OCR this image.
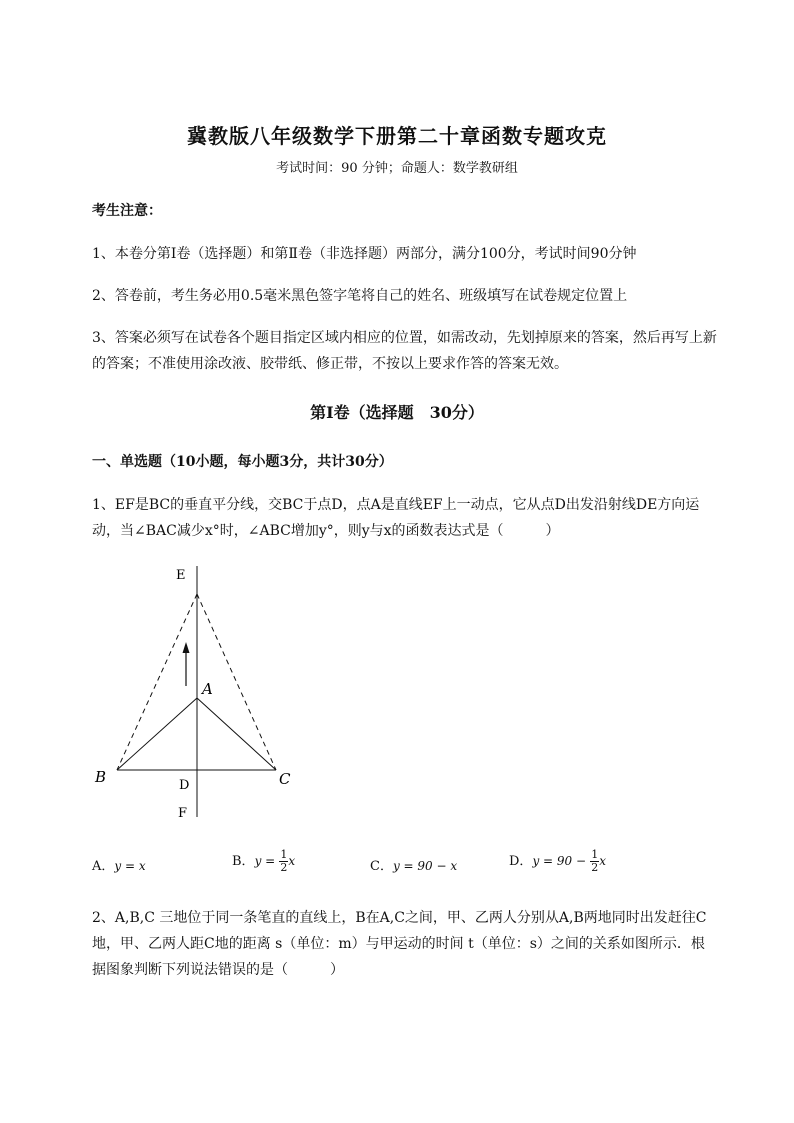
冀教版八年级数学下册第二十章函数专题攻克
考试时间：90 分钟；命题人：数学教研组
考生注意：
1、本卷分第Ⅰ卷（选择题）和第Ⅱ卷（非选择题）两部分，满分100分，考试时间90分钟
2、答卷前，考生务必用0.5毫米黑色签字笔将自己的姓名、班级填写在试卷规定位置上
3、答案必须写在试卷各个题目指定区域内相应的位置，如需改动，先划掉原来的答案，然后再写上新
的答案；不准使用涂改液、胶带纸、修正带，不按以上要求作答的答案无效。
第Ⅰ卷（选择题　30分）
一、单选题（10小题，每小题3分，共计30分）
1、EF是BC的垂直平分线，交BC于点D，点A是直线EF上一动点，它从点D出发沿射线DE方向运
动，当∠BAC减少x°时，∠ABC增加y°，则y与x的函数表达式是（　　　）
E
A
B	C
D
F
A．y = x	B．$y = \frac{1}{2}$ x	C．y = 90 − x	D．$y = 90 - \frac{1}{2}$ x
2、A,B,C 三地位于同一条笔直的直线上，B在A,C之间，甲、乙两人分别从A,B两地同时出发赶往C
地，甲、乙两人距C地的距离 s（单位：m）与甲运动的时间 t（单位：s）之间的关系如图所示．根
据图象判断下列说法错误的是（　　　）
